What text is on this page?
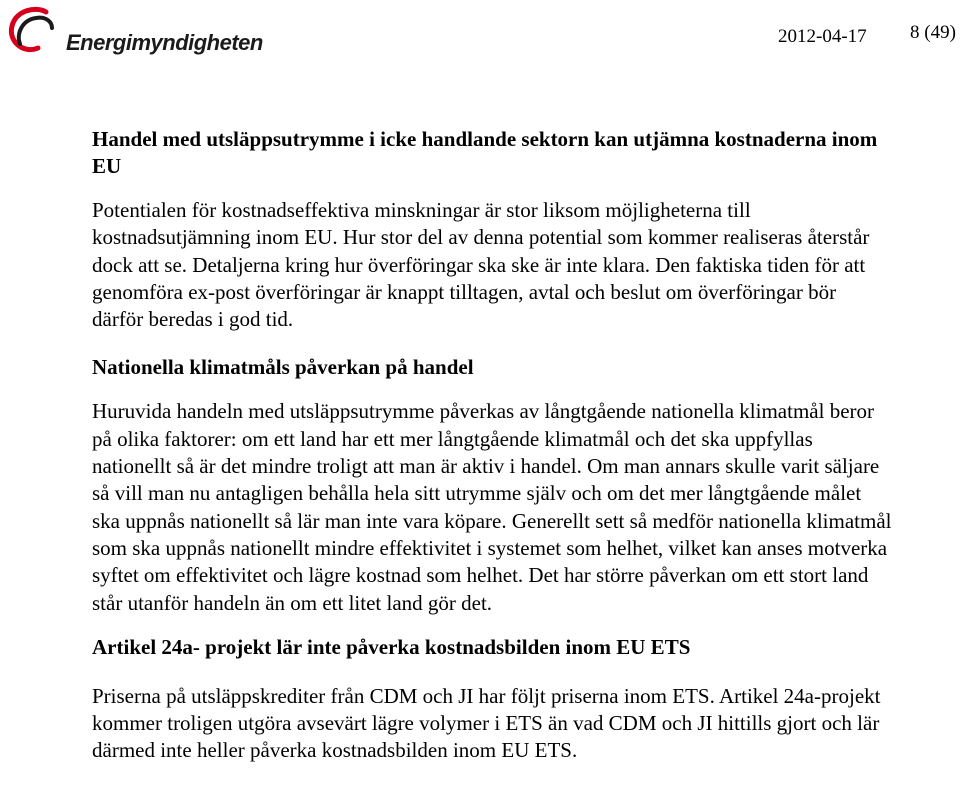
Energimyndigheten	2012-04-17 8 (49)
Handel med utsläppsutrymme i icke handlande sektorn kan utjämna kostnaderna inom EU

Potentialen för kostnadseffektiva minskningar är stor liksom möjligheterna till kostnadsutjämning inom EU. Hur stor del av denna potential som kommer realiseras återstår dock att se. Detaljerna kring hur överföringar ska ske är inte klara. Den faktiska tiden för att genomföra ex-post överföringar är knappt tilltagen, avtal och beslut om överföringar bör därför beredas i god tid.

Nationella klimatmåls påverkan på handel

Huruvida handeln med utsläppsutrymme påverkas av långtgående nationella klimatmål beror på olika faktorer: om ett land har ett mer långtgående klimatmål och det ska uppfyllas nationellt så är det mindre troligt att man är aktiv i handel. Om man annars skulle varit säljare så vill man nu antagligen behålla hela sitt utrymme själv och om det mer långtgående målet ska uppnås nationellt så lär man inte vara köpare. Generellt sett så medför nationella klimatmål som ska uppnås nationellt mindre effektivitet i systemet som helhet, vilket kan anses motverka syftet om effektivitet och lägre kostnad som helhet. Det har större påverkan om ett stort land står utanför handeln än om ett litet land gör det.

Artikel 24a- projekt lär inte påverka kostnadsbilden inom EU ETS

Priserna på utsläppskrediter från CDM och JI har följt priserna inom ETS. Artikel 24a-projekt kommer troligen utgöra avsevärt lägre volymer i ETS än vad CDM och JI hittills gjort och lär därmed inte heller påverka kostnadsbilden inom EU ETS.
